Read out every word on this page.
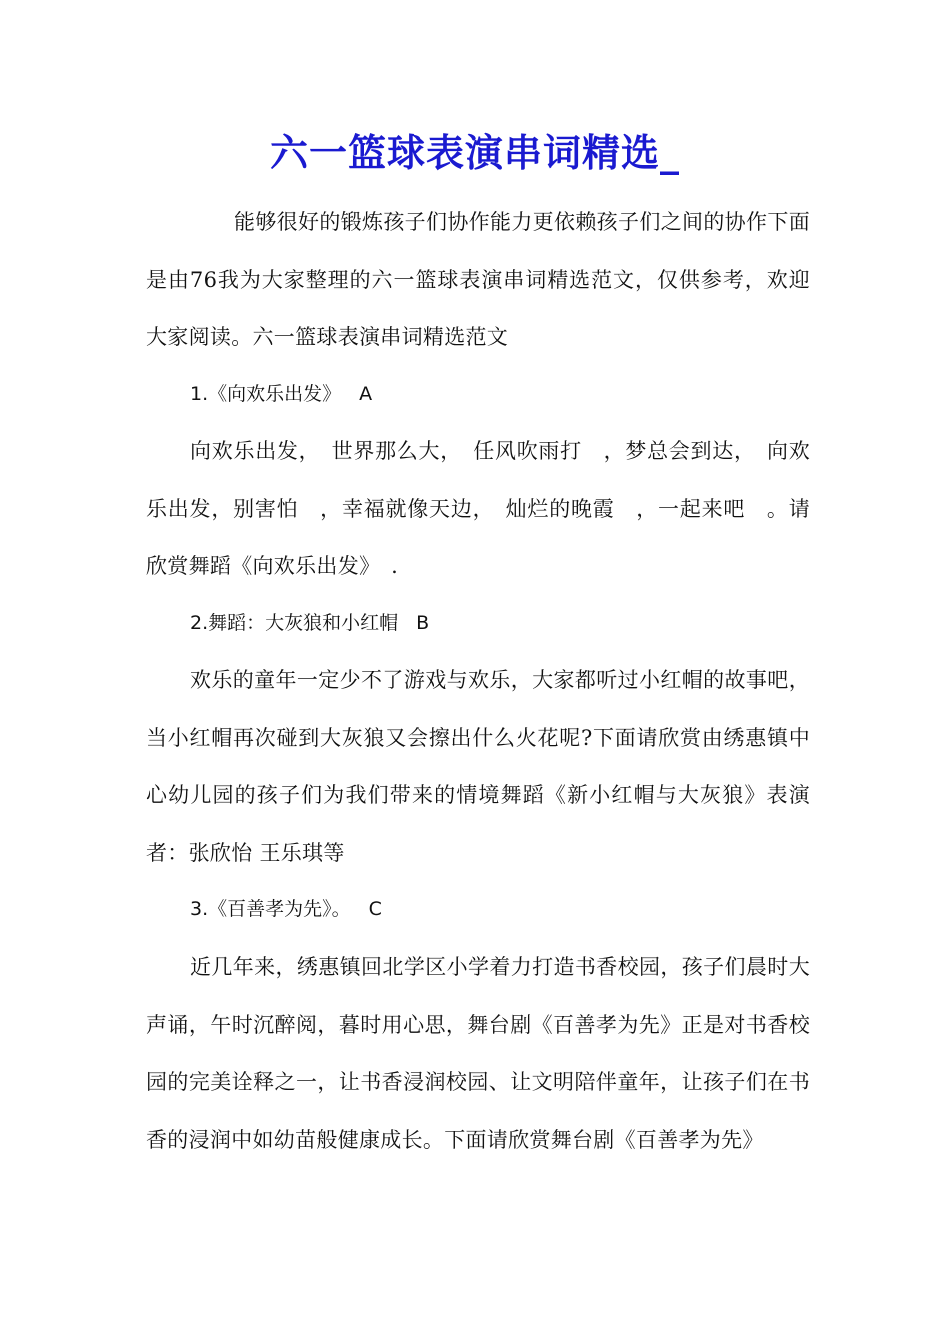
六一篮球表演串词精选_
能够很好的锻炼孩子们协作能力更依赖孩子们之间的协作下面是由76我为大家整理的六一篮球表演串词精选范文，仅供参考，欢迎大家阅读。六一篮球表演串词精选范文
1.《向欢乐出发》 A
向欢乐出发，　世界那么大，　任风吹雨打　，梦总会到达，　向欢乐出发，别害怕　，幸福就像天边，　灿烂的晚霞　，一起来吧　。请欣赏舞蹈《向欢乐出发》　.
2.舞蹈：大灰狼和小红帽 B
欢乐的童年一定少不了游戏与欢乐，大家都听过小红帽的故事吧，当小红帽再次碰到大灰狼又会擦出什么火花呢?下面请欣赏由绣惠镇中心幼儿园的孩子们为我们带来的情境舞蹈《新小红帽与大灰狼》表演者：张欣怡 王乐琪等
3.《百善孝为先》。 C
近几年来，绣惠镇回北学区小学着力打造书香校园，孩子们晨时大声诵，午时沉醉阅，暮时用心思，舞台剧《百善孝为先》正是对书香校园的完美诠释之一，让书香浸润校园、让文明陪伴童年，让孩子们在书香的浸润中如幼苗般健康成长。下面请欣赏舞台剧《百善孝为先》
